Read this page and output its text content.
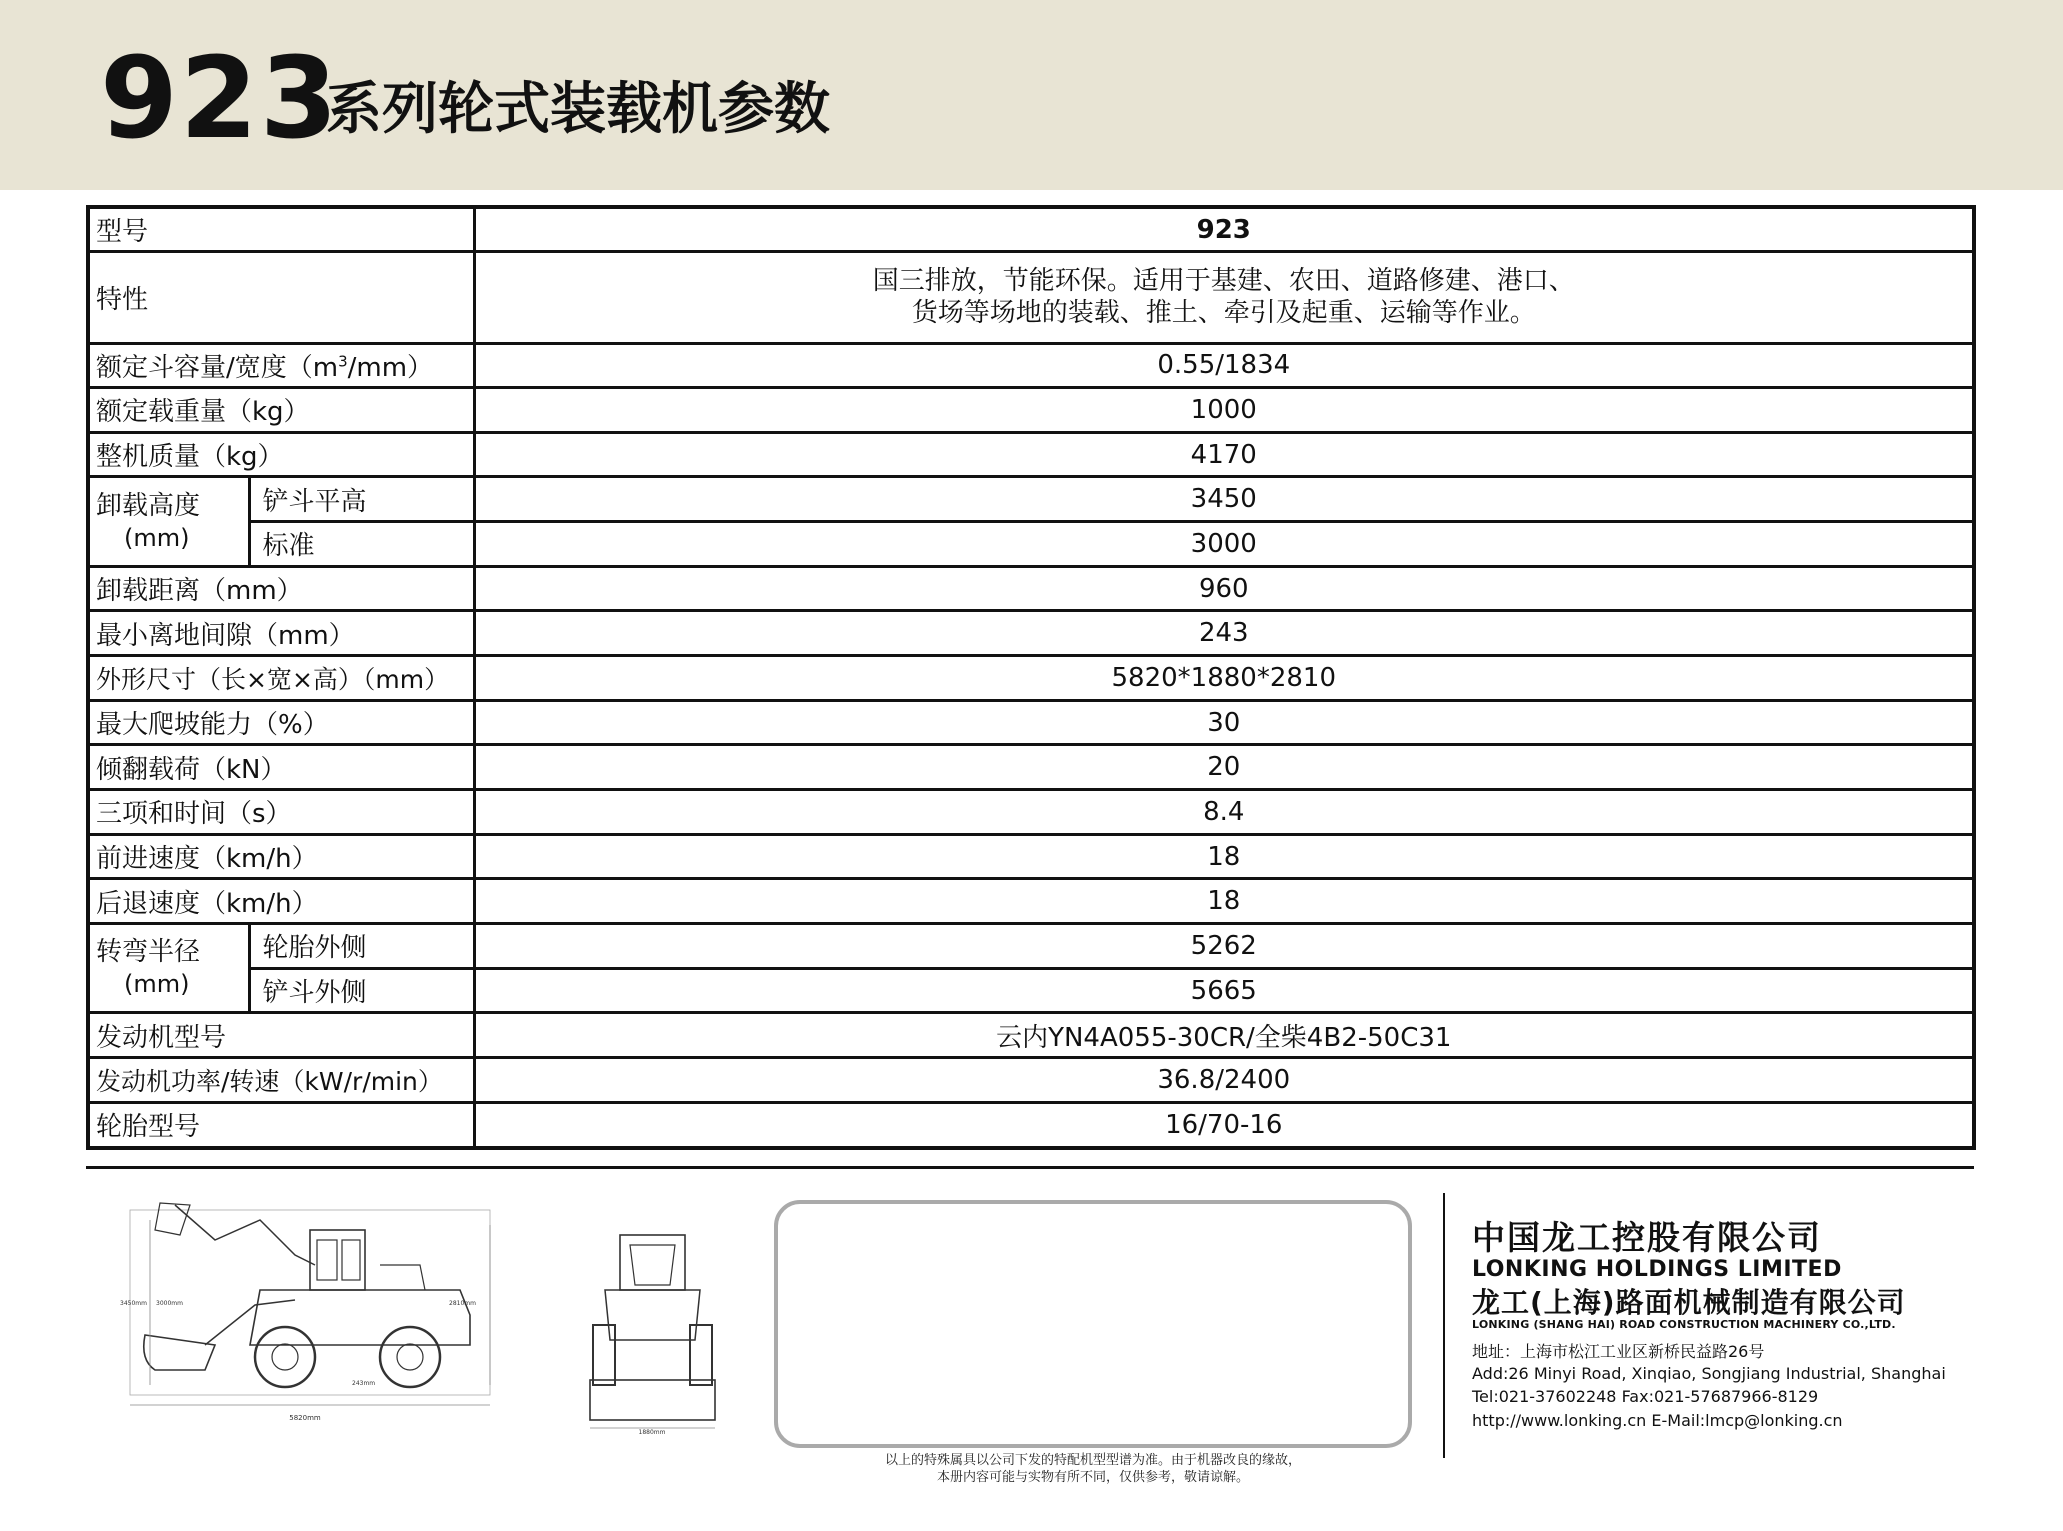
923
系列轮式装载机参数
型号		923
特性		国三排放，节能环保。适用于基建、农田、道路修建、港口、
货场等场地的装载、推土、牵引及起重、运输等作业。

额定斗容量/宽度$(m^3/mm)$		0.55/1834
额定载重量（kg）		1000
整机质量（kg）		4170
卸载高度
(mm)	铲斗平高	3450
	标准	3000
卸载距离（mm）		960
最小离地间隙（mm）		243
外形尺寸（长×宽×高）（mm）		5820*1880*2810
最大爬坡能力（%）		30
倾翻载荷（kN）		20
三项和时间（s）		8.4
前进速度（km/h）		18
后退速度（km/h）		18
转弯半径
(mm)	轮胎外侧	5262
	铲斗外侧	5665
发动机型号		云内YN4A055-30CR/全柴4B2-50C31
发动机功率/转速（kW/r/min）		36.8/2400
轮胎型号		16/70-16
5820mm
2810mm
3450mm 3000mm
243mm
1880mm
以上的特殊属具以公司下发的特配机型型谱为准。由于机器改良的缘故，
本册内容可能与实物有所不同，仅供参考，敬请谅解。
中国龙工控股有限公司
LONKING HOLDINGS LIMITED
龙工(上海)路面机械制造有限公司
LONKING (SHANG HAI) ROAD CONSTRUCTION MACHINERY CO.,LTD.
地址：上海市松江工业区新桥民益路26号
Add:26 Minyi Road, Xinqiao, Songjiang Industrial, Shanghai
Tel:021-37602248 Fax:021-57687966-8129
http://www.lonking.cn E-Mail:lmcp@lonking.cn
